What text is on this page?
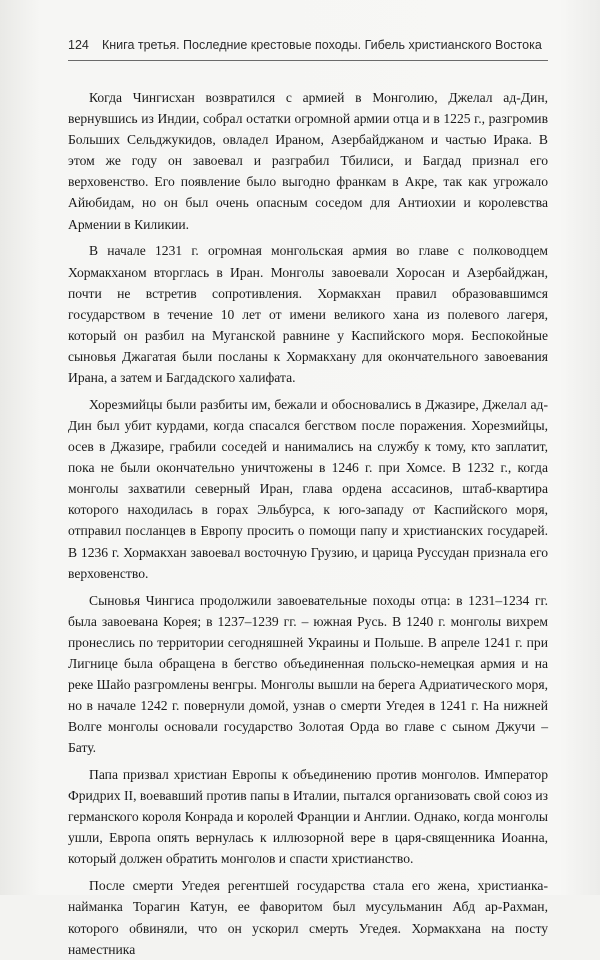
124 Книга третья. Последние крестовые походы. Гибель христианского Востока

Когда Чингисхан возвратился с армией в Монголию, Джелал ад-Дин, вернувшись из Индии, собрал остатки огромной армии отца и в 1225 г., разгромив Больших Сельджукидов, овладел Ираном, Азербайджаном и частью Ирака. В этом же году он завоевал и разграбил Тбилиси, и Багдад признал его верховенство. Его появление было выгодно франкам в Акре, так как угрожало Айюбидам, но он был очень опасным соседом для Антиохии и королевства Армении в Киликии.

В начале 1231 г. огромная монгольская армия во главе с полководцем Хормакханом вторглась в Иран. Монголы завоевали Хоросан и Азербайджан, почти не встретив сопротивления. Хормакхан правил образовавшимся государством в течение 10 лет от имени великого хана из полевого лагеря, который он разбил на Муганской равнине у Каспийского моря. Беспокойные сыновья Джагатая были посланы к Хормакхану для окончательного завоевания Ирана, а затем и Багдадского халифата.

Хорезмийцы были разбиты им, бежали и обосновались в Джазире, Джелал ад-Дин был убит курдами, когда спасался бегством после поражения. Хорезмийцы, осев в Джазире, грабили соседей и нанимались на службу к тому, кто заплатит, пока не были окончательно уничтожены в 1246 г. при Хомсе. В 1232 г., когда монголы захватили северный Иран, глава ордена ассасинов, штаб-квартира которого находилась в горах Эльбурса, к юго-западу от Каспийского моря, отправил посланцев в Европу просить о помощи папу и христианских государей. В 1236 г. Хормакхан завоевал восточную Грузию, и царица Руссудан признала его верховенство.

Сыновья Чингиса продолжили завоевательные походы отца: в 1231–1234 гг. была завоевана Корея; в 1237–1239 гг. – южная Русь. В 1240 г. монголы вихрем пронеслись по территории сегодняшней Украины и Польше. В апреле 1241 г. при Лигнице была обращена в бегство объединенная польско-немецкая армия и на реке Шайо разгромлены венгры. Монголы вышли на берега Адриатического моря, но в начале 1242 г. повернули домой, узнав о смерти Угедея в 1241 г. На нижней Волге монголы основали государство Золотая Орда во главе с сыном Джучи – Бату.

Папа призвал христиан Европы к объединению против монголов. Император Фридрих II, воевавший против папы в Италии, пытался организовать свой союз из германского короля Конрада и королей Франции и Англии. Однако, когда монголы ушли, Европа опять вернулась к иллюзорной вере в царя-священника Иоанна, который должен обратить монголов и спасти христианство.

После смерти Угедея регентшей государства стала его жена, христианка-найманка Торагин Катун, ее фаворитом был мусульманин Абд ар-Рахман, которого обвиняли, что он ускорил смерть Угедея. Хормакхана на посту наместника
